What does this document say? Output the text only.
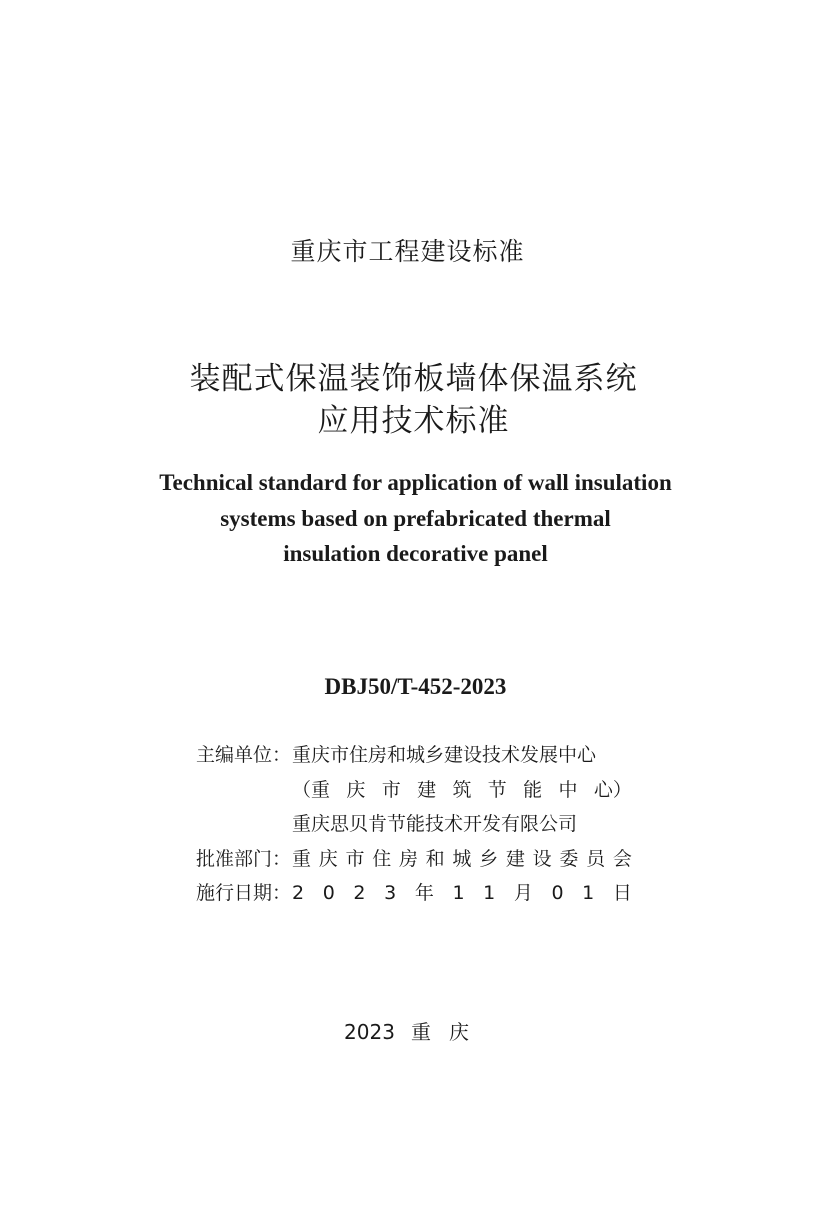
重庆市工程建设标准
装配式保温装饰板墙体保温系统
应用技术标准
Technical standard for application of wall insulation
systems based on prefabricated thermal
insulation decorative panel
DBJ50/T-452-2023
主编单位： 重庆市住房和城乡建设技术发展中心
（重 庆 市 建 筑 节 能 中 心）
重庆思贝肯节能技术开发有限公司
批准部门： 重 庆 市 住 房 和 城 乡 建 设 委 员 会
施行日期： 2 0 2 3 年 1 1 月 0 1 日
2023 重庆
